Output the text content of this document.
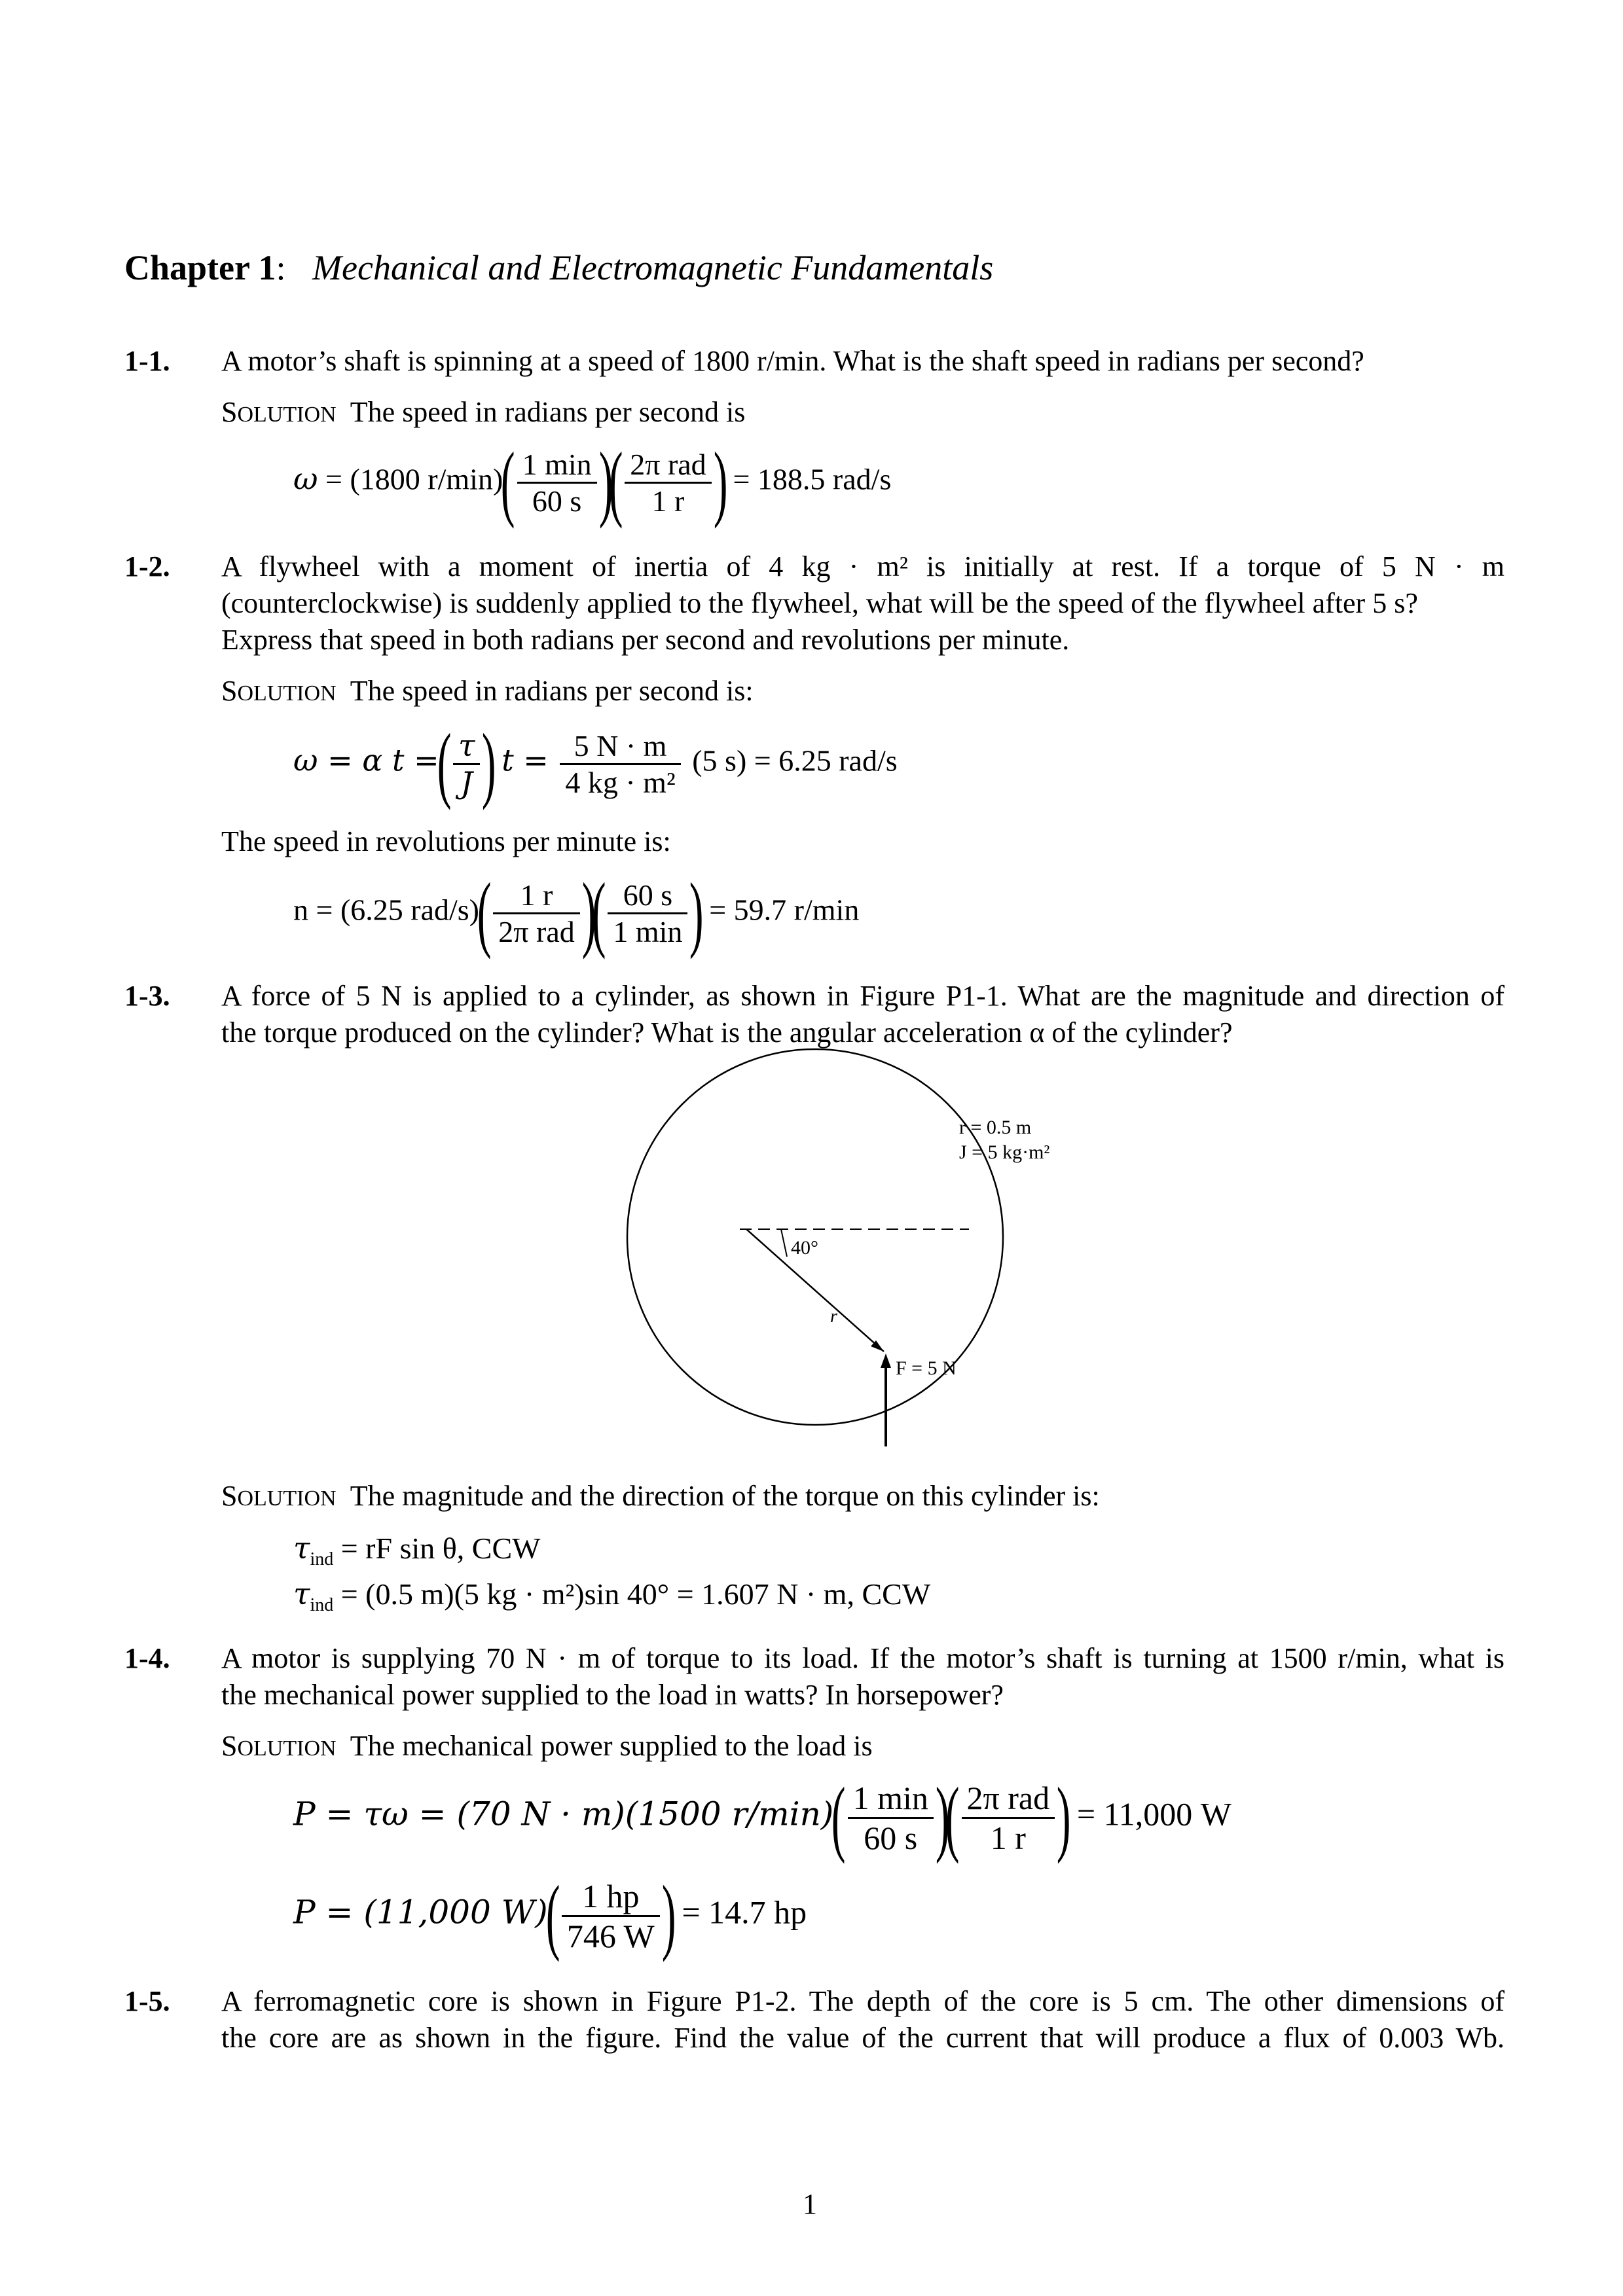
Chapter 1: Mechanical and Electromagnetic Fundamentals
1-1. A motor’s shaft is spinning at a speed of 1800 r/min. What is the shaft speed in radians per second?
SOLUTION The speed in radians per second is
ω = (1800 $r/\min)( \frac{1 \min}{60 s}$ )( $\frac{\text{2π rad}}{1 r}$ ) = 188.5 rad/s
1-2. A flywheel with a moment of inertia of 4 kg · m² is initially at rest. If a torque of 5 N · m
(counterclockwise) is suddenly applied to the flywheel, what will be the speed of the flywheel after 5 s?
Express that speed in both radians per second and revolutions per minute.
SOLUTION The speed in radians per second is:
ω = α t =( $\frac{\tau}{J}$ ) $t = \frac{5 N \cdot m}{\text{4 kg · m²}} (5$ s) = 6.25 rad/s
The speed in revolutions per minute is:
n = (6.25 $rad/s)( \frac{1 r}{\text{2π rad}}$ )( $\frac{60 s}{1 \min}$ ) = 59.7 r/min
1-3. A force of 5 N is applied to a cylinder, as shown in Figure P1-1. What are the magnitude and direction of
the torque produced on the cylinder? What is the angular acceleration α of the cylinder?
40°
r
F = 5 N
r = 0.5 m
J = 5 kg·m²
SOLUTION The magnitude and the direction of the torque on this cylinder is:
$\tau_{ind}$ = rF sin θ, CCW
$\tau_{ind} = (0.5$ m)(5 kg · m²)sin 40° = 1.607 N · m, CCW
1-4. A motor is supplying 70 N · m of torque to its load. If the motor’s shaft is turning at 1500 r/min, what is
the mechanical power supplied to the load in watts? In horsepower?
SOLUTION The mechanical power supplied to the load is
P = τω = (70 N · m)(1500 $r/\min)( \frac{1 \min}{60 s}$ )( $\frac{\text{2π rad}}{1 r}$ ) = 11,000 W
P = (11,000 $W)( \frac{1 hp}{746 W}$ ) = 14.7 hp
1-5. A ferromagnetic core is shown in Figure P1-2. The depth of the core is 5 cm. The other dimensions of
the core are as shown in the figure. Find the value of the current that will produce a flux of 0.003 Wb.
1
